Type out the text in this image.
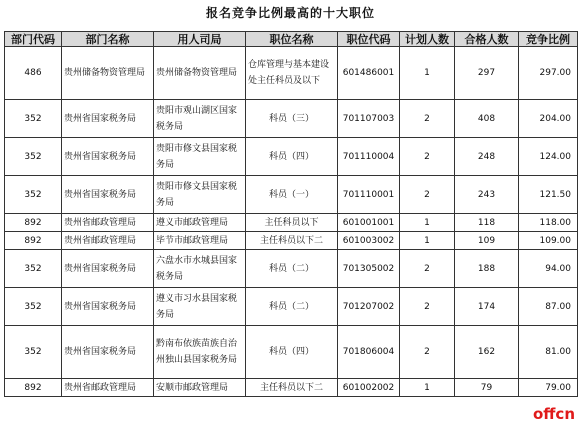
报名竞争比例最高的十大职位
部门代码	部门名称	用人司局	职位名称	职位代码	计划人数	合格人数	竞争比例
486	贵州储备物资管理局	贵州储备物资管理局	仓库管理与基本建设处主任科员及以下	601486001	1	297	297.00
352	贵州省国家税务局	贵阳市观山湖区国家税务局	科员（三）	701107003	2	408	204.00
352	贵州省国家税务局	贵阳市修文县国家税务局	科员（四）	701110004	2	248	124.00
352	贵州省国家税务局	贵阳市修文县国家税务局	科员（一）	701110001	2	243	121.50
892	贵州省邮政管理局	遵义市邮政管理局	主任科员以下	601001001	1	118	118.00
892	贵州省邮政管理局	毕节市邮政管理局	主任科员以下二	601003002	1	109	109.00
352	贵州省国家税务局	六盘水市水城县国家税务局	科员（二）	701305002	2	188	94.00
352	贵州省国家税务局	遵义市习水县国家税务局	科员（二）	701207002	2	174	87.00
352	贵州省国家税务局	黔南布依族苗族自治州独山县国家税务局	科员（四）	701806004	2	162	81.00
892	贵州省邮政管理局	安顺市邮政管理局	主任科员以下二	601002002	1	79	79.00
offcn
